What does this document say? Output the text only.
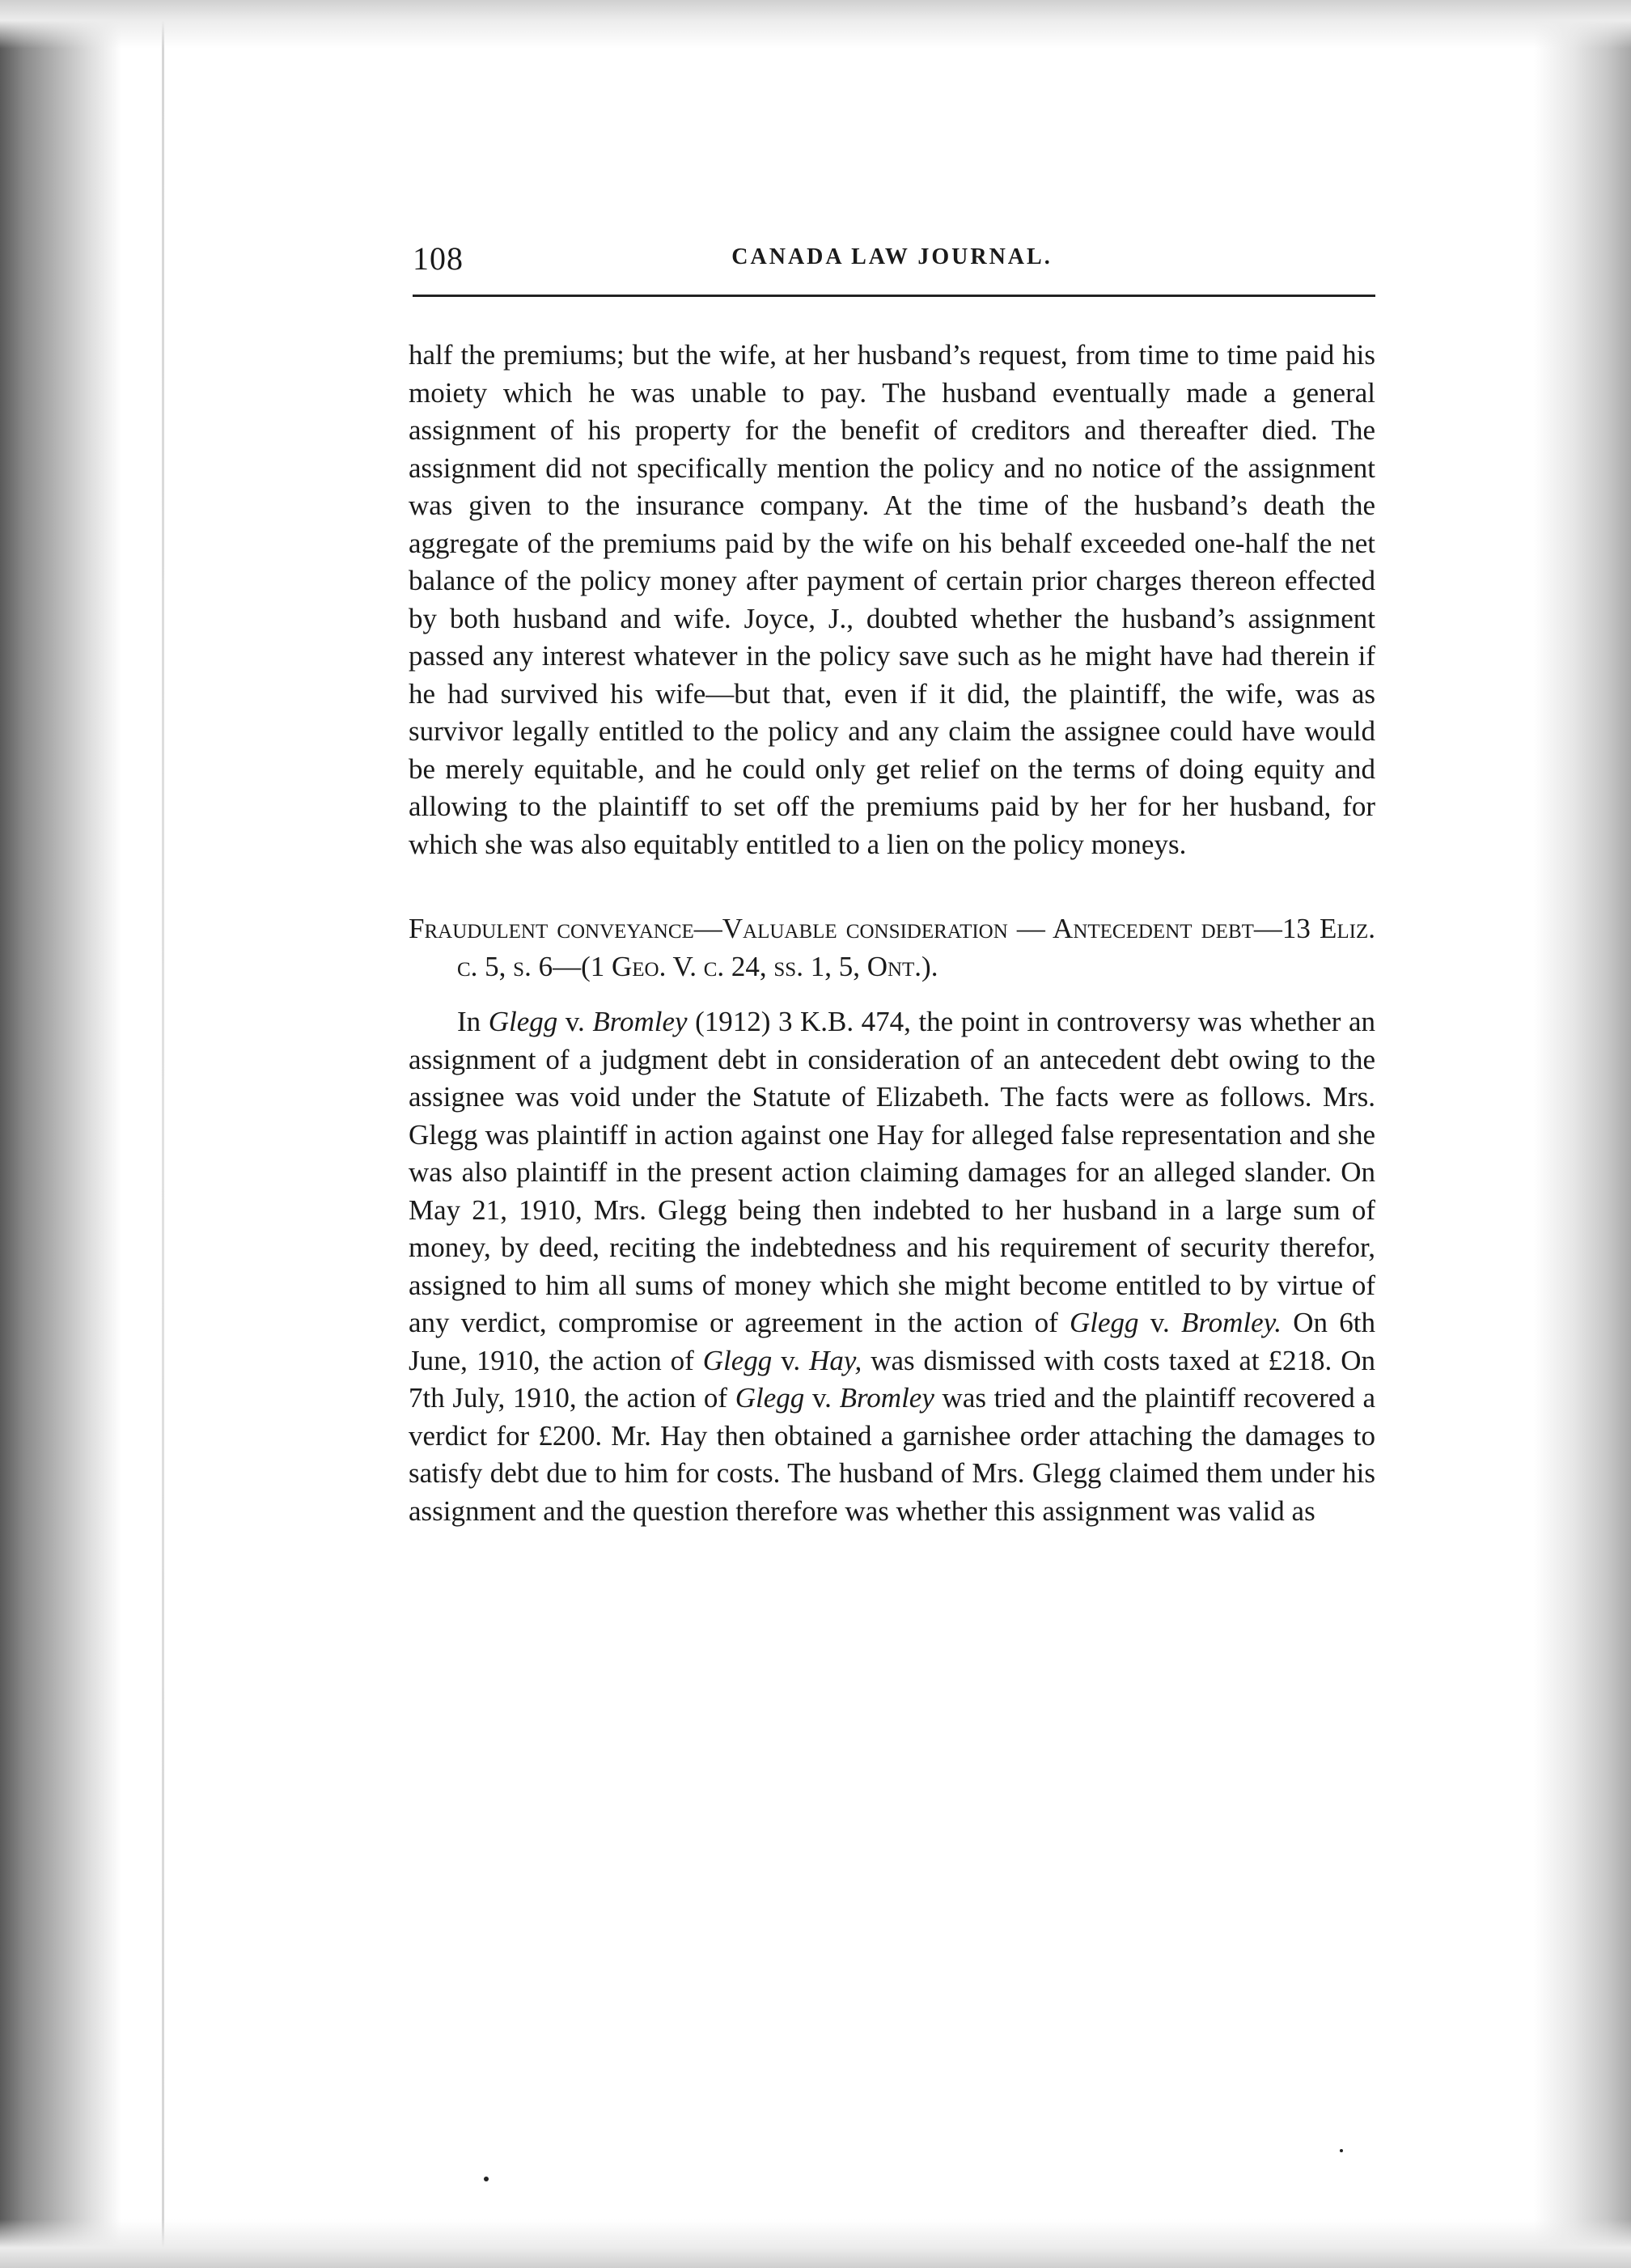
108	CANADA LAW JOURNAL.

half the premiums; but the wife, at her husband’s request, from time to time paid his moiety which he was unable to pay. The husband eventually made a general assignment of his property for the benefit of creditors and thereafter died. The assignment did not specifically mention the policy and no notice of the assignment was given to the insurance company. At the time of the husband’s death the aggregate of the premiums paid by the wife on his behalf exceeded one-half the net balance of the policy money after payment of certain prior charges thereon effected by both husband and wife. Joyce, J., doubted whether the husband’s assignment passed any interest whatever in the policy save such as he might have had therein if he had survived his wife—but that, even if it did, the plaintiff, the wife, was as survivor legally entitled to the policy and any claim the assignee could have would be merely equitable, and he could only get relief on the terms of doing equity and allowing to the plaintiff to set off the premiums paid by her for her husband, for which she was also equitably entitled to a lien on the policy moneys.

Fraudulent conveyance—Valuable consideration — Antecedent debt—13 Eliz. c. 5, s. 6—(1 Geo. V. c. 24, ss. 1, 5, Ont.).

In Glegg v. Bromley (1912) 3 K.B. 474, the point in controversy was whether an assignment of a judgment debt in consideration of an antecedent debt owing to the assignee was void under the Statute of Elizabeth. The facts were as follows. Mrs. Glegg was plaintiff in action against one Hay for alleged false representation and she was also plaintiff in the present action claiming damages for an alleged slander. On May 21, 1910, Mrs. Glegg being then indebted to her husband in a large sum of money, by deed, reciting the indebtedness and his requirement of security therefor, assigned to him all sums of money which she might become entitled to by virtue of any verdict, compromise or agreement in the action of Glegg v. Bromley. On 6th June, 1910, the action of Glegg v. Hay, was dismissed with costs taxed at £218. On 7th July, 1910, the action of Glegg v. Bromley was tried and the plaintiff recovered a verdict for £200. Mr. Hay then obtained a garnishee order attaching the damages to satisfy debt due to him for costs. The husband of Mrs. Glegg claimed them under his assignment and the question therefore was whether this assignment was valid as
